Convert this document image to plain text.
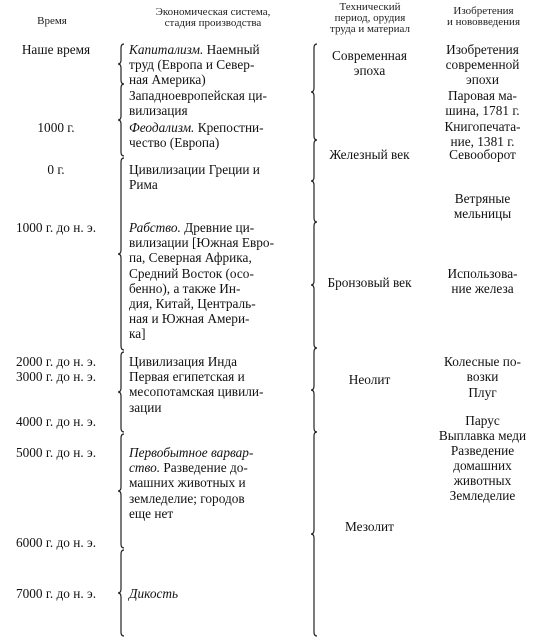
Время
Экономическая система,
стадия производства
Технический
период, орудия
труда и материал
Изобретения
и нововведения
Наше время
1000 г.
0 г.
1000 г. до н. э.
2000 г. до н. э.
3000 г. до н. э.
4000 г. до н. э.
5000 г. до н. э.
6000 г. до н. э.
7000 г. до н. э.
Капитализм. Наемный
труд (Европа и Север-
ная Америка)
Западноевропейская ци-
вилизация
Феодализм. Крепостни-
чество (Европа)
Цивилизации Греции и
Рима
Рабство. Древние ци-
вилизации [Южная Евро-
па, Северная Африка,
Средний Восток (осо-
бенно), а также Ин-
дия, Китай, Централь-
ная и Южная Амери-
ка]
Цивилизация Инда
Первая египетская и
месопотамская цивили-
зации
Первобытное варвар-
ство. Разведение до-
машних животных и
земледелие; городов
еще нет
Дикость
Современная
эпоха
Железный век
Бронзовый век
Неолит
Мезолит
Изобретения
современной
эпохи
Паровая ма-
шина, 1781 г.
Книгопечата-
ние, 1381 г.
Севооборот
Ветряные
мельницы
Использова-
ние железа
Колесные по-
возки
Плуг
Парус
Выплавка меди
Разведение
домашних
животных
Земледелие
